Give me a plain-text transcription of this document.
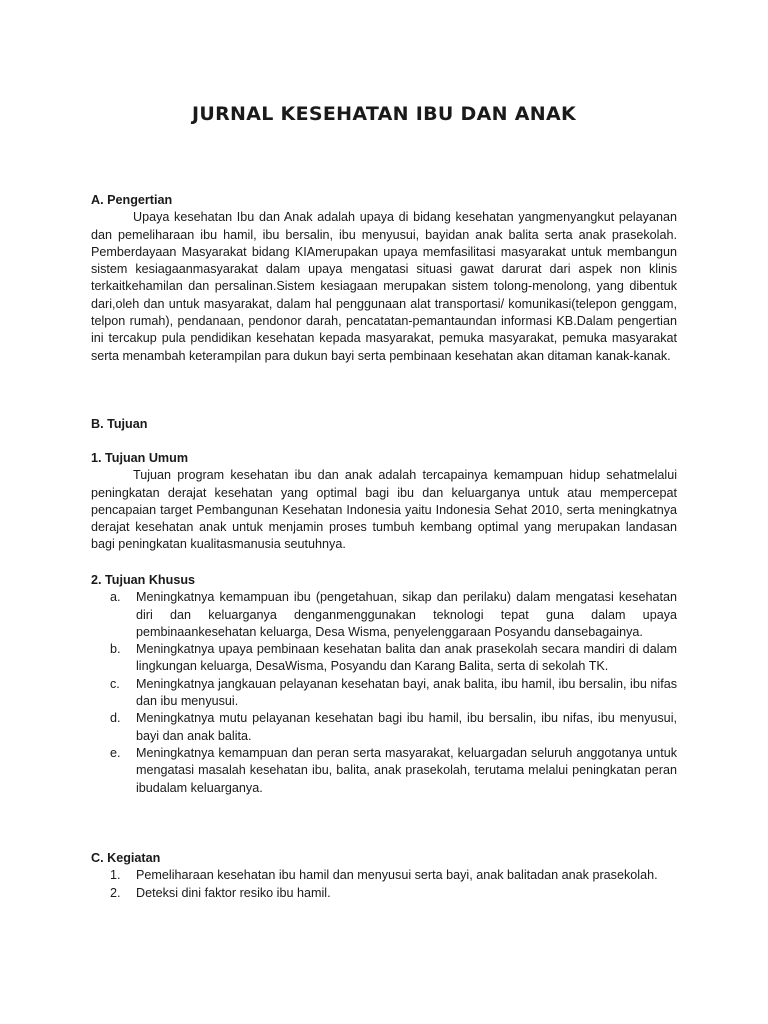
JURNAL KESEHATAN IBU DAN ANAK
A. Pengertian

Upaya kesehatan Ibu dan Anak adalah upaya di bidang kesehatan yangmenyangkut pelayanan dan pemeliharaan ibu hamil, ibu bersalin, ibu menyusui, bayidan anak balita serta anak prasekolah. Pemberdayaan Masyarakat bidang KIAmerupakan upaya memfasilitasi masyarakat untuk membangun sistem kesiagaanmasyarakat dalam upaya mengatasi situasi gawat darurat dari aspek non klinis terkaitkehamilan dan persalinan.Sistem kesiagaan merupakan sistem tolong-menolong, yang dibentuk dari,oleh dan untuk masyarakat, dalam hal penggunaan alat transportasi/ komunikasi(telepon genggam, telpon rumah), pendanaan, pendonor darah, pencatatan-pemantaundan informasi KB.Dalam pengertian ini tercakup pula pendidikan kesehatan kepada masyarakat, pemuka masyarakat, pemuka masyarakat serta menambah keterampilan para dukun bayi serta pembinaan kesehatan akan ditaman kanak-kanak.

B. Tujuan
1. Tujuan Umum

Tujuan program kesehatan ibu dan anak adalah tercapainya kemampuan hidup sehatmelalui peningkatan derajat kesehatan yang optimal bagi ibu dan keluarganya untuk atau mempercepat pencapaian target Pembangunan Kesehatan Indonesia yaitu Indonesia Sehat 2010, serta meningkatnya derajat kesehatan anak untuk menjamin proses tumbuh kembang optimal yang merupakan landasan bagi peningkatan kualitasmanusia seutuhnya.

2. Tujuan Khusus
a. Meningkatnya kemampuan ibu (pengetahuan, sikap dan perilaku) dalam mengatasi kesehatan diri dan keluarganya denganmenggunakan teknologi tepat guna dalam upaya pembinaankesehatan keluarga, Desa Wisma, penyelenggaraan Posyandu dansebagainya.
b. Meningkatnya upaya pembinaan kesehatan balita dan anak prasekolah secara mandiri di dalam lingkungan keluarga, DesaWisma, Posyandu dan Karang Balita, serta di sekolah TK.
c. Meningkatnya jangkauan pelayanan kesehatan bayi, anak balita, ibu hamil, ibu bersalin, ibu nifas dan ibu menyusui.
d. Meningkatnya mutu pelayanan kesehatan bagi ibu hamil, ibu bersalin, ibu nifas, ibu menyusui, bayi dan anak balita.
e. Meningkatnya kemampuan dan peran serta masyarakat, keluargadan seluruh anggotanya untuk mengatasi masalah kesehatan ibu, balita, anak prasekolah, terutama melalui peningkatan peran ibudalam keluarganya.
C. Kegiatan
1. Pemeliharaan kesehatan ibu hamil dan menyusui serta bayi, anak balitadan anak prasekolah.
2. Deteksi dini faktor resiko ibu hamil.
